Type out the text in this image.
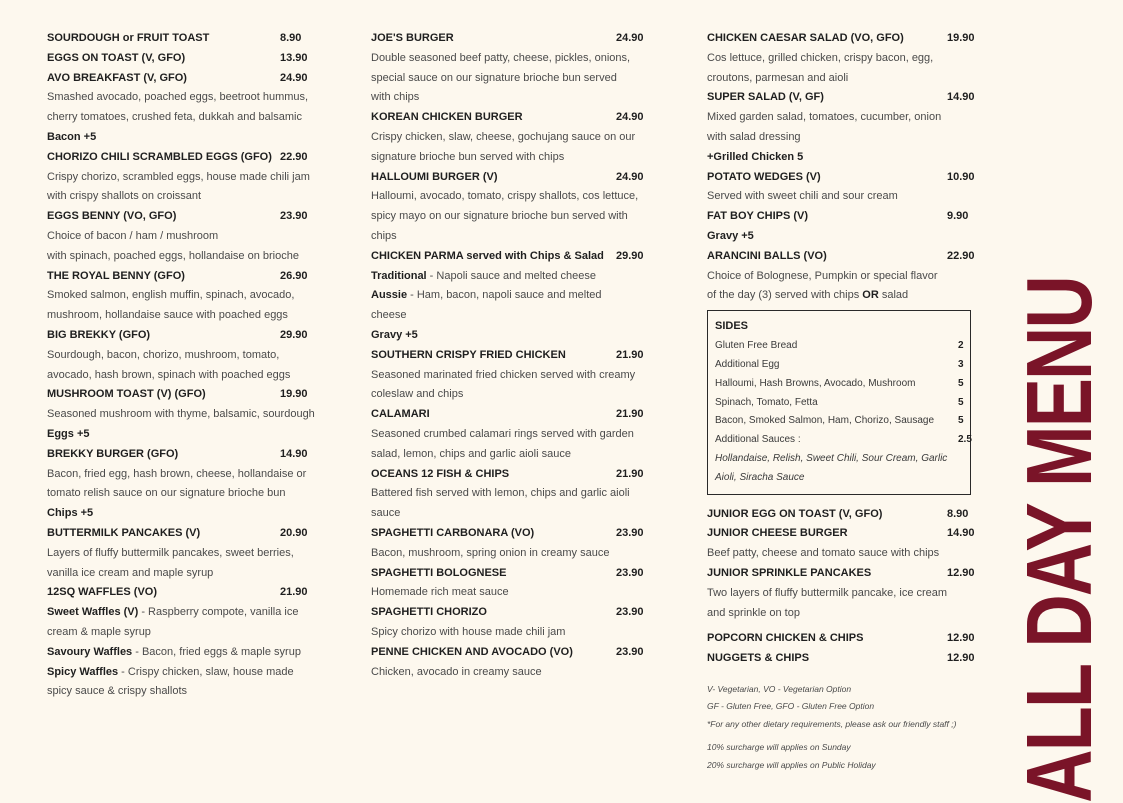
SOURDOUGH or FRUIT TOAST	8.90
EGGS ON TOAST (V, GFO)	13.90
AVO BREAKFAST (V, GFO)	24.90
Smashed avocado, poached eggs, beetroot hummus,
cherry tomatoes, crushed feta, dukkah and balsamic
Bacon +5
CHORIZO CHILI SCRAMBLED EGGS (GFO) 22.90
Crispy chorizo, scrambled eggs, house made chili jam
with crispy shallots on croissant
EGGS BENNY (VO, GFO)	23.90
Choice of bacon / ham / mushroom
with spinach, poached eggs, hollandaise on brioche
THE ROYAL BENNY (GFO)	26.90
Smoked salmon, english muffin, spinach, avocado,
mushroom, hollandaise sauce with poached eggs
BIG BREKKY (GFO)	29.90
Sourdough, bacon, chorizo, mushroom, tomato,
avocado, hash brown, spinach with poached eggs
MUSHROOM TOAST (V) (GFO)	19.90
Seasoned mushroom with thyme, balsamic, sourdough
Eggs +5
BREKKY BURGER (GFO)	14.90
Bacon, fried egg, hash brown, cheese, hollandaise or
tomato relish sauce on our signature brioche bun
Chips +5
BUTTERMILK PANCAKES (V)	20.90
Layers of fluffy buttermilk pancakes, sweet berries,
vanilla ice cream and maple syrup
12SQ WAFFLES (VO)	21.90
Sweet Waffles (V) - Raspberry compote, vanilla ice
cream & maple syrup
Savoury Waffles - Bacon, fried eggs & maple syrup
Spicy Waffles - Crispy chicken, slaw, house made
spicy sauce & crispy shallots
JOE'S BURGER	24.90
Double seasoned beef patty, cheese, pickles, onions,
special sauce on our signature brioche bun served
with chips
KOREAN CHICKEN BURGER	24.90
Crispy chicken, slaw, cheese, gochujang sauce on our
signature brioche bun served with chips
HALLOUMI BURGER (V)	24.90
Halloumi, avocado, tomato, crispy shallots, cos lettuce,
spicy mayo on our signature brioche bun served with
chips
CHICKEN PARMA served with Chips & Salad 29.90
Traditional - Napoli sauce and melted cheese
Aussie - Ham, bacon, napoli sauce and melted
cheese
Gravy +5
SOUTHERN CRISPY FRIED CHICKEN	21.90
Seasoned marinated fried chicken served with creamy
coleslaw and chips
CALAMARI	21.90
Seasoned crumbed calamari rings served with garden
salad, lemon, chips and garlic aioli sauce
OCEANS 12 FISH & CHIPS	21.90
Battered fish served with lemon, chips and garlic aioli
sauce
SPAGHETTI CARBONARA (VO)	23.90
Bacon, mushroom, spring onion in creamy sauce
SPAGHETTI BOLOGNESE	23.90
Homemade rich meat sauce
SPAGHETTI CHORIZO	23.90
Spicy chorizo with house made chili jam
PENNE CHICKEN AND AVOCADO (VO)	23.90
Chicken, avocado in creamy sauce
CHICKEN CAESAR SALAD (VO, GFO)	19.90
Cos lettuce, grilled chicken, crispy bacon, egg,
croutons, parmesan and aioli
SUPER SALAD (V, GF)	14.90
Mixed garden salad, tomatoes, cucumber, onion
with salad dressing
+Grilled Chicken 5
POTATO WEDGES (V)	10.90
Served with sweet chili and sour cream
FAT BOY CHIPS (V)	9.90
Gravy +5
ARANCINI BALLS (VO)	22.90
Choice of Bolognese, Pumpkin or special flavor
of the day (3) served with chips OR salad
SIDES
Gluten Free Bread	2
Additional Egg	3
Halloumi, Hash Browns, Avocado, Mushroom	5
Spinach, Tomato, Fetta	5
Bacon, Smoked Salmon, Ham, Chorizo, Sausage 5
Additional Sauces :	2.5
Hollandaise, Relish, Sweet Chili, Sour Cream, Garlic
Aioli, Siracha Sauce
JUNIOR EGG ON TOAST (V, GFO)	8.90
JUNIOR CHEESE BURGER	14.90
Beef patty, cheese and tomato sauce with chips
JUNIOR SPRINKLE PANCAKES	12.90
Two layers of fluffy buttermilk pancake, ice cream
and sprinkle on top
POPCORN CHICKEN & CHIPS	12.90
NUGGETS & CHIPS	12.90
V- Vegetarian, VO - Vegetarian Option
GF - Gluten Free, GFO - Gluten Free Option
*For any other dietary requirements, please ask our friendly staff ;)
10% surcharge will applies on Sunday
20% surcharge will applies on Public Holiday	ALL DAY MENU
